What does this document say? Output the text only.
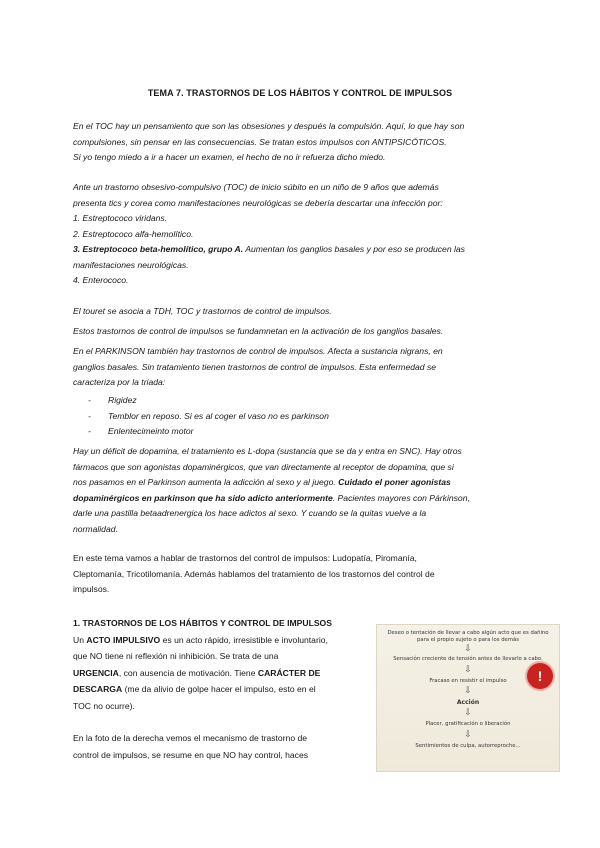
TEMA 7. TRASTORNOS DE LOS HÁBITOS Y CONTROL DE IMPULSOS
En el TOC hay un pensamiento que son las obsesiones y después la compulsión. Aquí, lo que hay son
compulsiones, sin pensar en las consecuencias. Se tratan estos impulsos con ANTIPSICÓTICOS.
Si yo tengo miedo a ir a hacer un examen, el hecho de no ir refuerza dicho miedo.
Ante un trastorno obsesivo-compulsivo (TOC) de inicio súbito en un niño de 9 años que además
presenta tics y corea como manifestaciones neurológicas se debería descartar una infección por:
1. Estreptococo viridans.
2. Estreptococo alfa-hemolítico.
3. Estreptococo beta-hemolítico, grupo A. Aumentan los ganglios basales y por eso se producen las
manifestaciones neurológicas.
4. Enterococo.
El touret se asocia a TDH, TOC y trastornos de control de impulsos.
Estos trastornos de control de impulsos se fundamnetan en la activación de los ganglios basales.
En el PARKINSON también hay trastornos de control de impulsos. Afecta a sustancia nigrans, en
ganglios basales. Sin tratamiento tienen trastornos de control de impulsos. Esta enfermedad se
caracteriza por la triada:
- Rigidez
- Temblor en reposo. Si es al coger el vaso no es parkinson
- Enlentecimeinto motor
Hay un déficit de dopamina, el tratamiento es L-dopa (sustancia que se da y entra en SNC). Hay otros
fármacos que son agonistas dopaminérgicos, que van directamente al receptor de dopamina, que si
nos pasamos en el Parkinson aumenta la adicción al sexo y al juego. Cuidado el poner agonistas
dopaminérgicos en parkinson que ha sido adicto anteriormente. Pacientes mayores con Párkinson,
darle una pastilla betaadrenergica los hace adictos al sexo. Y cuando se la quitas vuelve a la
normalidad.
En este tema vamos a hablar de trastornos del control de impulsos: Ludopatía, Piromanía,
Cleptomanía, Tricotilomanía. Además hablamos del tratamiento de los trastornos del control de
impulsos.
1. TRASTORNOS DE LOS HÁBITOS Y CONTROL DE IMPULSOS
Un ACTO IMPULSIVO es un acto rápido, irresistible e involuntario,
que NO tiene ni reflexión ni inhibición. Se trata de una
URGENCIA, con ausencia de motivación. Tiene CARÁCTER DE
DESCARGA (me da alivio de golpe hacer el impulso, esto en el
TOC no ocurre).
En la foto de la derecha vemos el mecanismo de trastorno de
control de impulsos, se resume en que NO hay control, haces
Deseo o tentación de llevar a cabo algún acto que es dañino
para el propio sujeto o para los demás
⇩
Sensación creciente de tensión antes de llevarlo a cabo.
⇩
Fracaso en resistir el impulso
⇩
Acción
⇩
Placer, gratificación o liberación
⇩
Sentimientos de culpa, autorreproche...
!
